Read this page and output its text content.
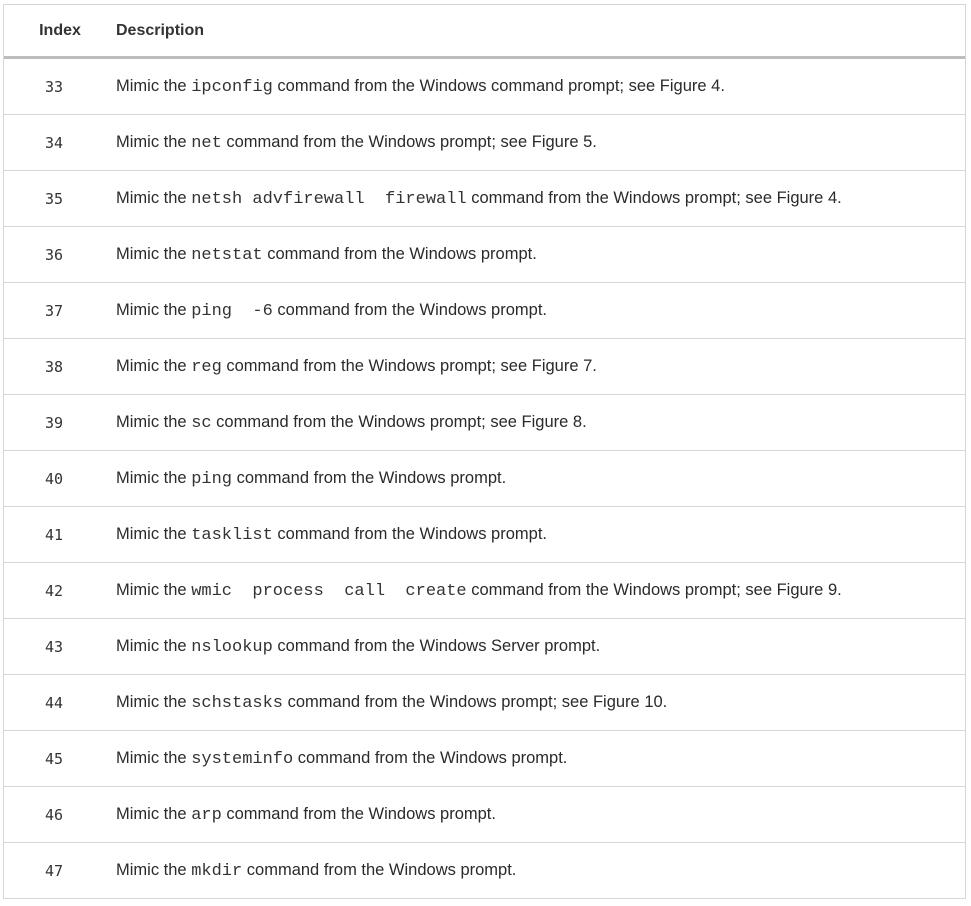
Index	Description
33	Mimic the ipconfig command from the Windows command prompt; see Figure 4.
34	Mimic the net command from the Windows prompt; see Figure 5.
35	Mimic the netsh advfirewall  firewall command from the Windows prompt; see Figure 4.
36	Mimic the netstat command from the Windows prompt.
37	Mimic the ping  -6 command from the Windows prompt.
38	Mimic the reg command from the Windows prompt; see Figure 7.
39	Mimic the sc command from the Windows prompt; see Figure 8.
40	Mimic the ping command from the Windows prompt.
41	Mimic the tasklist command from the Windows prompt.
42	Mimic the wmic  process  call  create command from the Windows prompt; see Figure 9.
43	Mimic the nslookup command from the Windows Server prompt.
44	Mimic the schstasks command from the Windows prompt; see Figure 10.
45	Mimic the systeminfo command from the Windows prompt.
46	Mimic the arp command from the Windows prompt.
47	Mimic the mkdir command from the Windows prompt.
